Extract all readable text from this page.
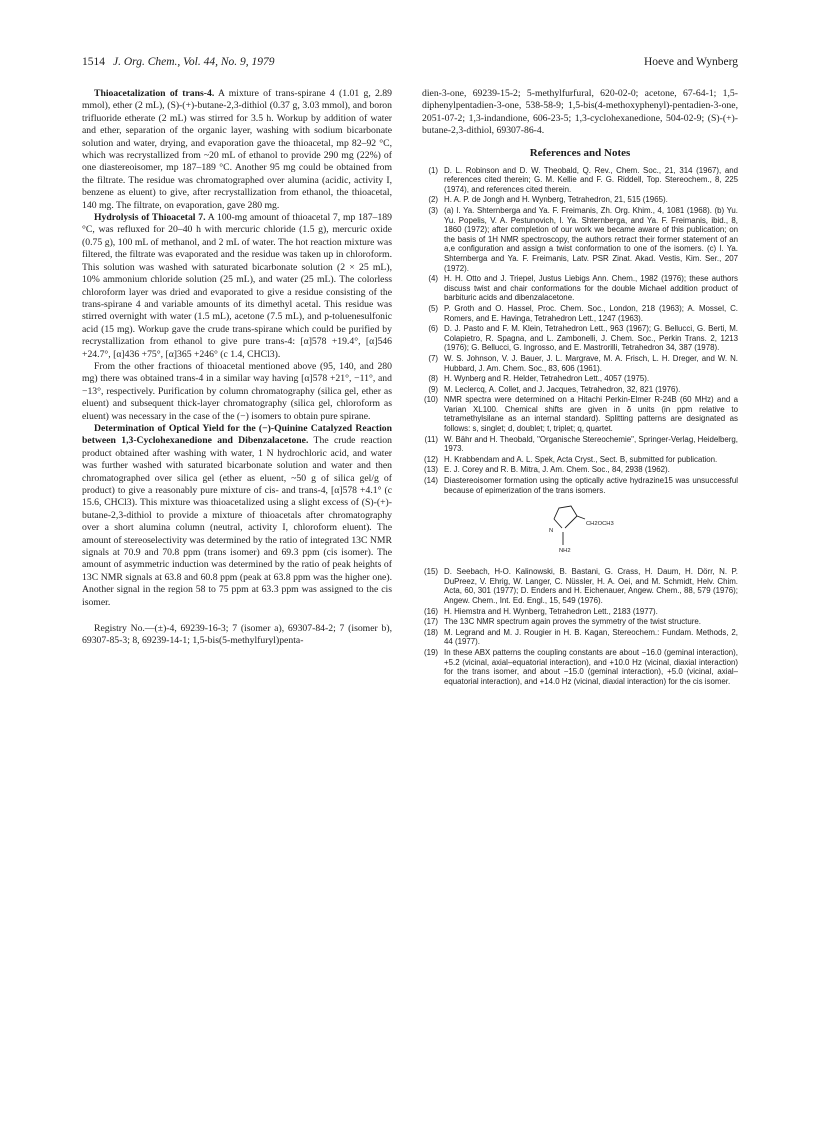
1514 J. Org. Chem., Vol. 44, No. 9, 1979	Hoeve and Wynberg

Thioacetalization of trans-4. A mixture of trans-spirane 4 (1.01 g, 2.89 mmol), ether (2 mL), (S)-(+)-butane-2,3-dithiol (0.37 g, 3.03 mmol), and boron trifluoride etherate (2 mL) was stirred for 3.5 h. Workup by addition of water and ether, separation of the organic layer, washing with sodium bicarbonate solution and water, drying, and evaporation gave the thioacetal, mp 82–92 °C, which was recrystallized from ~20 mL of ethanol to provide 290 mg (22%) of one diastereoisomer, mp 187–189 °C. Another 95 mg could be obtained from the filtrate. The residue was chromatographed over alumina (acidic, activity I, benzene as eluent) to give, after recrystallization from ethanol, the thioacetal, 140 mg. The filtrate, on evaporation, gave 280 mg.

Hydrolysis of Thioacetal 7. A 100-mg amount of thioacetal 7, mp 187–189 °C, was refluxed for 20–40 h with mercuric chloride (1.5 g), mercuric oxide (0.75 g), 100 mL of methanol, and 2 mL of water. The hot reaction mixture was filtered, the filtrate was evaporated and the residue was taken up in chloroform. This solution was washed with saturated bicarbonate solution (2 × 25 mL), 10% ammonium chloride solution (25 mL), and water (25 mL). The colorless chloroform layer was dried and evaporated to give a residue consisting of the trans-spirane 4 and variable amounts of its dimethyl acetal. This residue was stirred overnight with water (1.5 mL), acetone (7.5 mL), and p-toluenesulfonic acid (15 mg). Workup gave the crude trans-spirane which could be purified by recrystallization from ethanol to give pure trans-4: [α]578 +19.4°, [α]546 +24.7°, [α]436 +75°, [α]365 +246° (c 1.4, CHCl3).

From the other fractions of thioacetal mentioned above (95, 140, and 280 mg) there was obtained trans-4 in a similar way having [α]578 +21°, −11°, and −13°, respectively. Purification by column chromatography (silica gel, ether as eluent) and subsequent thick-layer chromatography (silica gel, chloroform as eluent) was necessary in the case of the (−) isomers to obtain pure spirane.

Determination of Optical Yield for the (−)-Quinine Catalyzed Reaction between 1,3-Cyclohexanedione and Dibenzalacetone. The crude reaction product obtained after washing with water, 1 N hydrochloric acid, and water was further washed with saturated bicarbonate solution and water and then chromatographed over silica gel (ether as eluent, ~50 g of silica gel/g of product) to give a reasonably pure mixture of cis- and trans-4, [α]578 +4.1° (c 15.6, CHCl3). This mixture was thioacetalized using a slight excess of (S)-(+)-butane-2,3-dithiol to provide a mixture of thioacetals after chromatography over a short alumina column (neutral, activity I, chloroform eluent). The amount of stereoselectivity was determined by the ratio of integrated 13C NMR signals at 70.9 and 70.8 ppm (trans isomer) and 69.3 ppm (cis isomer). The amount of asymmetric induction was determined by the ratio of peak heights of 13C NMR signals at 63.8 and 60.8 ppm (peak at 63.8 ppm was the higher one). Another signal in the region 58 to 75 ppm at 63.3 ppm was assigned to the cis isomer.

Registry No.—(±)-4, 69239-16-3; 7 (isomer a), 69307-84-2; 7 (isomer b), 69307-85-3; 8, 69239-14-1; 1,5-bis(5-methylfuryl)penta-

dien-3-one, 69239-15-2; 5-methylfurfural, 620-02-0; acetone, 67-64-1; 1,5-diphenylpentadien-3-one, 538-58-9; 1,5-bis(4-methoxyphenyl)-pentadien-3-one, 2051-07-2; 1,3-indandione, 606-23-5; 1,3-cyclohexanedione, 504-02-9; (S)-(+)-butane-2,3-dithiol, 69307-86-4.

References and Notes
(1) D. L. Robinson and D. W. Theobald, Q. Rev., Chem. Soc., 21, 314 (1967), and references cited therein; G. M. Kellie and F. G. Riddell, Top. Stereochem., 8, 225 (1974), and references cited therein.
(2) H. A. P. de Jongh and H. Wynberg, Tetrahedron, 21, 515 (1965).
(3) (a) I. Ya. Shternberga and Ya. F. Freimanis, Zh. Org. Khim., 4, 1081 (1968). (b) Yu. Yu. Popelis, V. A. Pestunovich, I. Ya. Shternberga, and Ya. F. Freimanis, ibid., 8, 1860 (1972); after completion of our work we became aware of this publication; on the basis of 1H NMR spectroscopy, the authors retract their former statement of an a,e configuration and assign a twist conformation to one of the isomers. (c) I. Ya. Shternberga and Ya. F. Freimanis, Latv. PSR Zinat. Akad. Vestis, Kim. Ser., 207 (1972).
(4) H. H. Otto and J. Triepel, Justus Liebigs Ann. Chem., 1982 (1976); these authors discuss twist and chair conformations for the double Michael addition product of barbituric acids and dibenzalacetone.
(5) P. Groth and O. Hassel, Proc. Chem. Soc., London, 218 (1963); A. Mossel, C. Romers, and E. Havinga, Tetrahedron Lett., 1247 (1963).
(6) D. J. Pasto and F. M. Klein, Tetrahedron Lett., 963 (1967); G. Bellucci, G. Berti, M. Colapietro, R. Spagna, and L. Zambonelli, J. Chem. Soc., Perkin Trans. 2, 1213 (1976); G. Bellucci, G. Ingrosso, and E. Mastrorilli, Tetrahedron 34, 387 (1978).
(7) W. S. Johnson, V. J. Bauer, J. L. Margrave, M. A. Frisch, L. H. Dreger, and W. N. Hubbard, J. Am. Chem. Soc., 83, 606 (1961).
(8) H. Wynberg and R. Helder, Tetrahedron Lett., 4057 (1975).
(9) M. Leclercq, A. Collet, and J. Jacques, Tetrahedron, 32, 821 (1976).
(10) NMR spectra were determined on a Hitachi Perkin-Elmer R-24B (60 MHz) and a Varian XL100. Chemical shifts are given in δ units (in ppm relative to tetramethylsilane as an internal standard). Splitting patterns are designated as follows: s, singlet; d, doublet; t, triplet; q, quartet.
(11) W. Bähr and H. Theobald, "Organische Stereochemie", Springer-Verlag, Heidelberg, 1973.
(12) H. Krabbendam and A. L. Spek, Acta Cryst., Sect. B, submitted for publication.
(13) E. J. Corey and R. B. Mitra, J. Am. Chem. Soc., 84, 2938 (1962).
(14) Diastereoisomer formation using the optically active hydrazine15 was unsuccessful because of epimerization of the trans isomers.
N
CH2OCH3
NH2
(15) D. Seebach, H-O. Kalinowski, B. Bastani, G. Crass, H. Daum, H. Dörr, N. P. DuPreez, V. Ehrig, W. Langer, C. Nüssler, H. A. Oei, and M. Schmidt, Helv. Chim. Acta, 60, 301 (1977); D. Enders and H. Eichenauer, Angew. Chem., 88, 579 (1976); Angew. Chem., Int. Ed. Engl., 15, 549 (1976).
(16) H. Hiemstra and H. Wynberg, Tetrahedron Lett., 2183 (1977).
(17) The 13C NMR spectrum again proves the symmetry of the twist structure.
(18) M. Legrand and M. J. Rougier in H. B. Kagan, Stereochem.: Fundam. Methods, 2, 44 (1977).
(19) In these ABX patterns the coupling constants are about −16.0 (geminal interaction), +5.2 (vicinal, axial–equatorial interaction), and +10.0 Hz (vicinal, diaxial interaction) for the trans isomer, and about −15.0 (geminal interaction), +5.0 (vicinal, axial–equatorial interaction), and +14.0 Hz (vicinal, diaxial interaction) for the cis isomer.
